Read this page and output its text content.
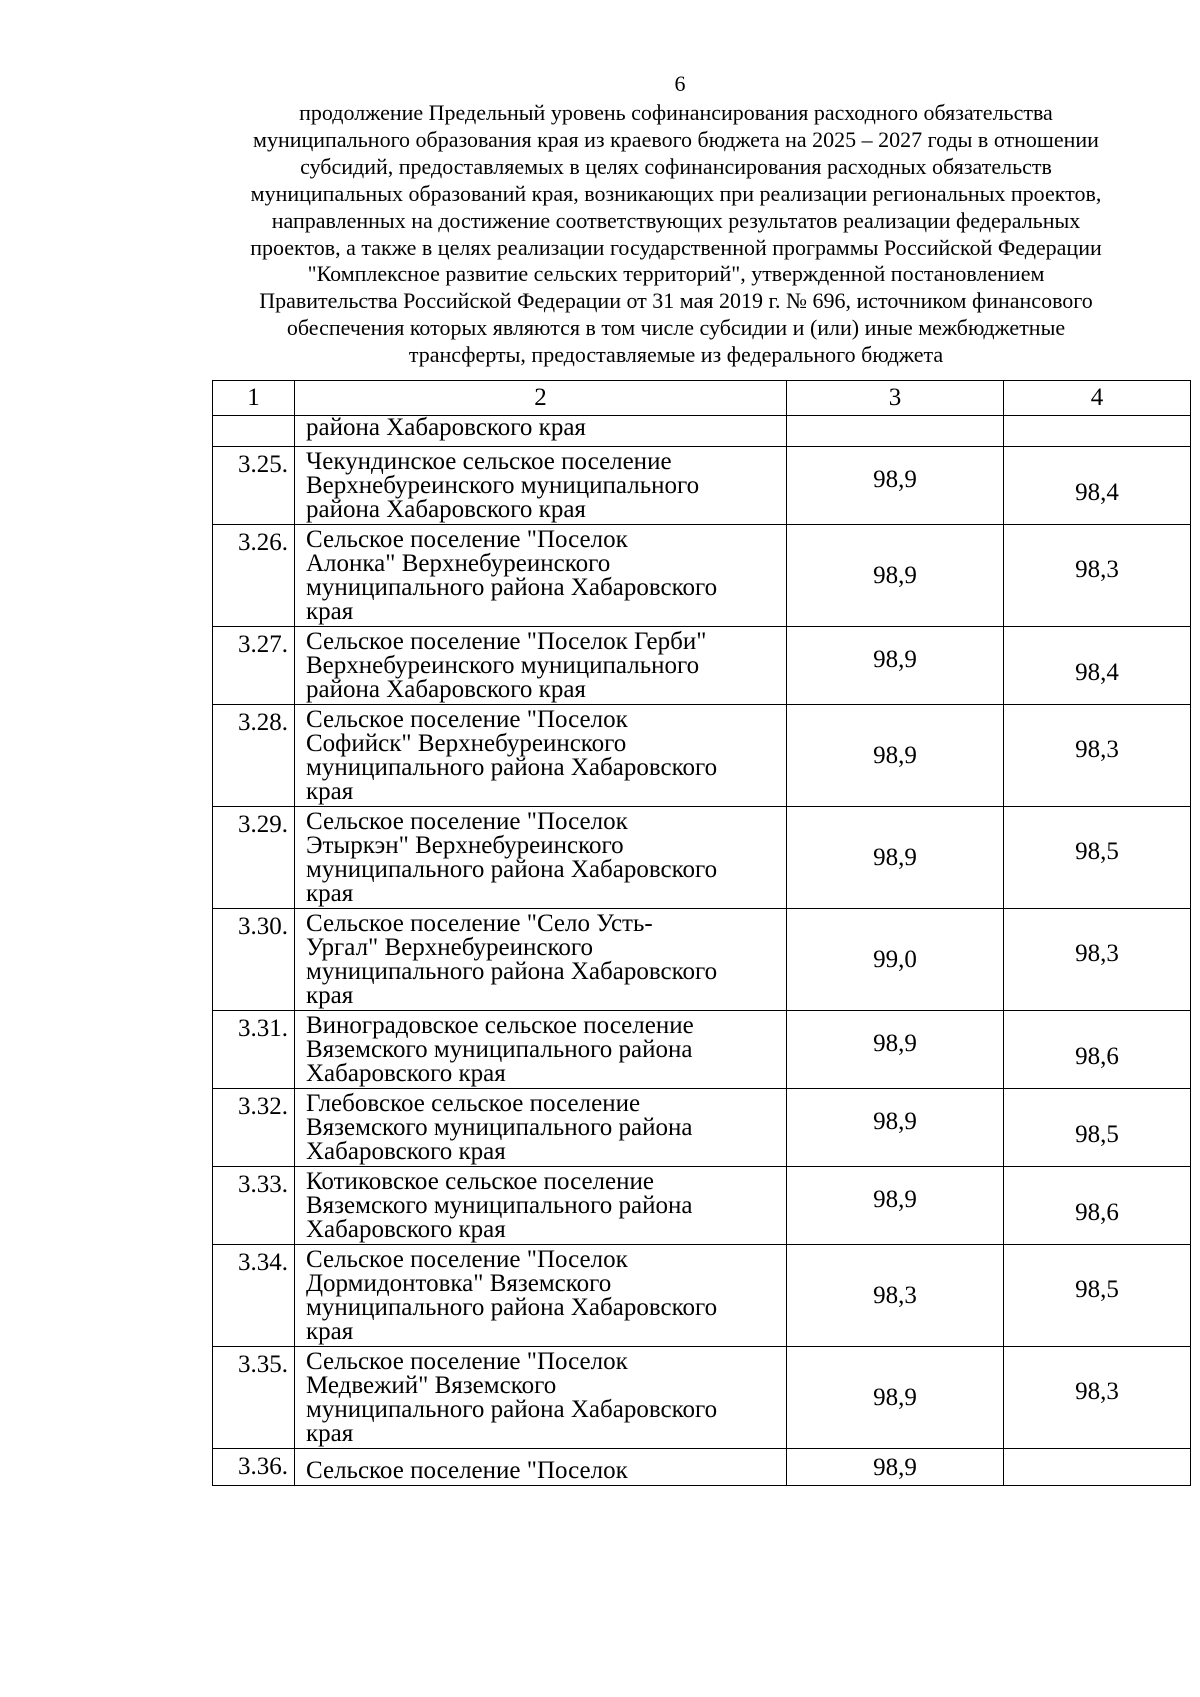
6
продолжение Предельный уровень софинансирования расходного обязательства
муниципального образования края из краевого бюджета на 2025 – 2027 годы в отношении
субсидий, предоставляемых в целях софинансирования расходных обязательств
муниципальных образований края, возникающих при реализации региональных проектов,
направленных на достижение соответствующих результатов реализации федеральных
проектов, а также в целях реализации государственной программы Российской Федерации
"Комплексное развитие сельских территорий", утвержденной постановлением
Правительства Российской Федерации от 31 мая 2019 г. № 696, источником финансового
обеспечения которых являются в том числе субсидии и (или) иные межбюджетные
трансферты, предоставляемые из федерального бюджета
1	2	3	4
	района Хабаровского края		
3.25.	Чекундинское сельское поселение
Верхнебуреинского муниципального
района Хабаровского края	98,9	98,4
3.26.	Сельское поселение "Поселок
Алонка" Верхнебуреинского
муниципального района Хабаровского
края	98,9	98,3
3.27.	Сельское поселение "Поселок Герби"
Верхнебуреинского муниципального
района Хабаровского края	98,9	98,4
3.28.	Сельское поселение "Поселок
Софийск" Верхнебуреинского
муниципального района Хабаровского
края	98,9	98,3
3.29.	Сельское поселение "Поселок
Этыркэн" Верхнебуреинского
муниципального района Хабаровского
края	98,9	98,5
3.30.	Сельское поселение "Село Усть-
Ургал" Верхнебуреинского
муниципального района Хабаровского
края	99,0	98,3
3.31.	Виноградовское сельское поселение
Вяземского муниципального района
Хабаровского края	98,9	98,6
3.32.	Глебовское сельское поселение
Вяземского муниципального района
Хабаровского края	98,9	98,5
3.33.	Котиковское сельское поселение
Вяземского муниципального района
Хабаровского края	98,9	98,6
3.34.	Сельское поселение "Поселок
Дормидонтовка" Вяземского
муниципального района Хабаровского
края	98,3	98,5
3.35.	Сельское поселение "Поселок
Медвежий" Вяземского
муниципального района Хабаровского
края	98,9	98,3
3.36.	Сельское поселение "Поселок	98,9	
